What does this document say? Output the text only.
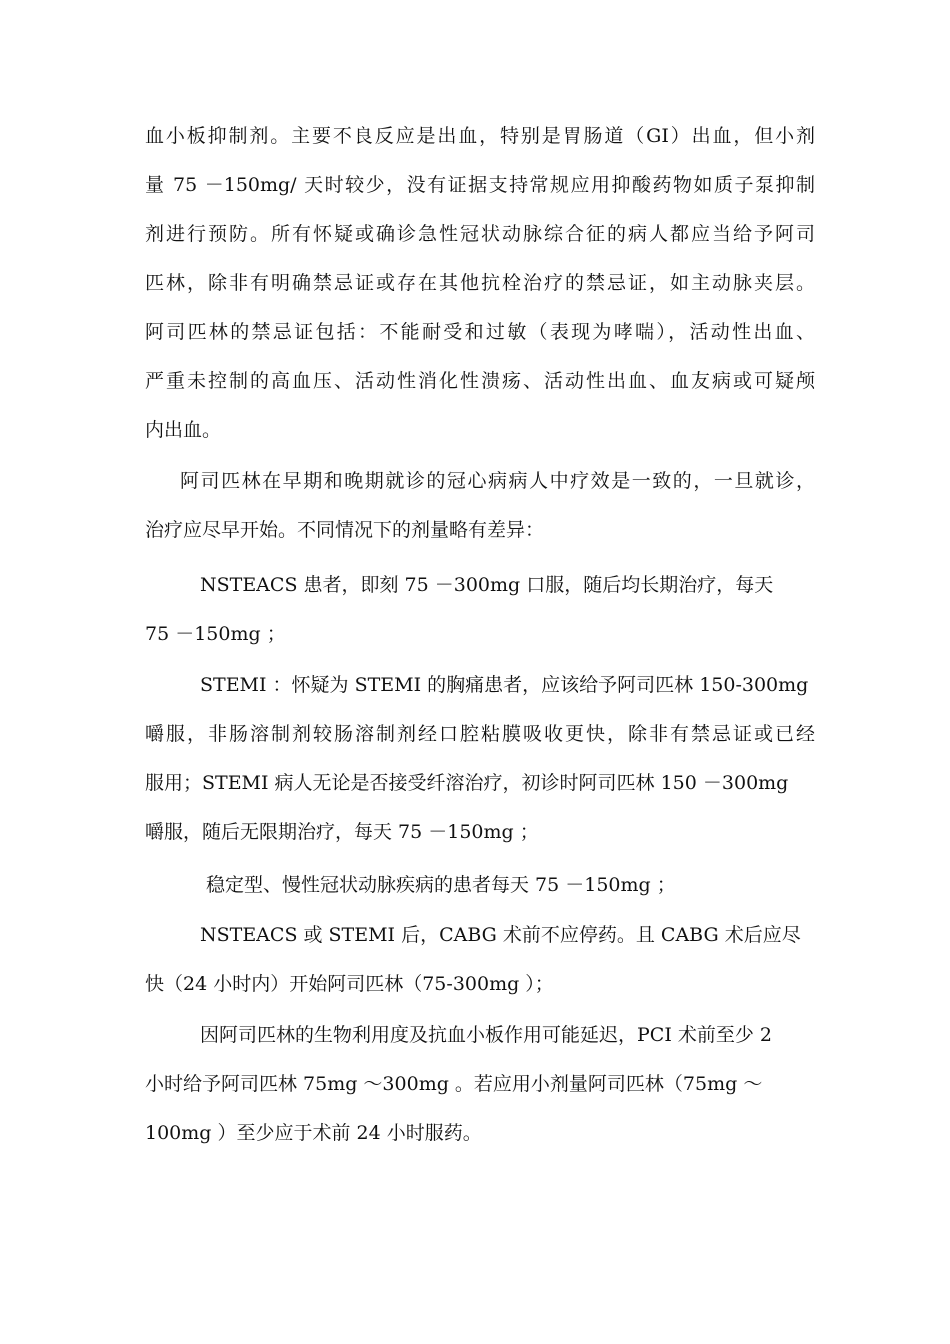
血小板抑制剂。主要不良反应是出血，特别是胃肠道（GI）出血，但小剂
量 75 －150mg/ 天时较少，没有证据支持常规应用抑酸药物如质子泵抑制
剂进行预防。所有怀疑或确诊急性冠状动脉综合征的病人都应当给予阿司
匹林，除非有明确禁忌证或存在其他抗栓治疗的禁忌证，如主动脉夹层。
阿司匹林的禁忌证包括：不能耐受和过敏（表现为哮喘），活动性出血、
严重未控制的高血压、活动性消化性溃疡、活动性出血、血友病或可疑颅
内出血。
阿司匹林在早期和晚期就诊的冠心病病人中疗效是一致的，一旦就诊，
治疗应尽早开始。不同情况下的剂量略有差异：
NSTEACS 患者，即刻 75 －300mg 口服，随后均长期治疗，每天
75 －150mg ；
STEMI ：怀疑为 STEMI 的胸痛患者，应该给予阿司匹林 150-300mg
嚼服，非肠溶制剂较肠溶制剂经口腔粘膜吸收更快，除非有禁忌证或已经
服用；STEMI 病人无论是否接受纤溶治疗，初诊时阿司匹林 150 －300mg
嚼服，随后无限期治疗，每天 75 －150mg ；
稳定型、慢性冠状动脉疾病的患者每天 75 －150mg ；
NSTEACS 或 STEMI 后，CABG 术前不应停药。且 CABG 术后应尽
快（24 小时内）开始阿司匹林（75-300mg ）；
因阿司匹林的生物利用度及抗血小板作用可能延迟，PCI 术前至少 2
小时给予阿司匹林 75mg ～300mg 。若应用小剂量阿司匹林（75mg ～
100mg ）至少应于术前 24 小时服药。
